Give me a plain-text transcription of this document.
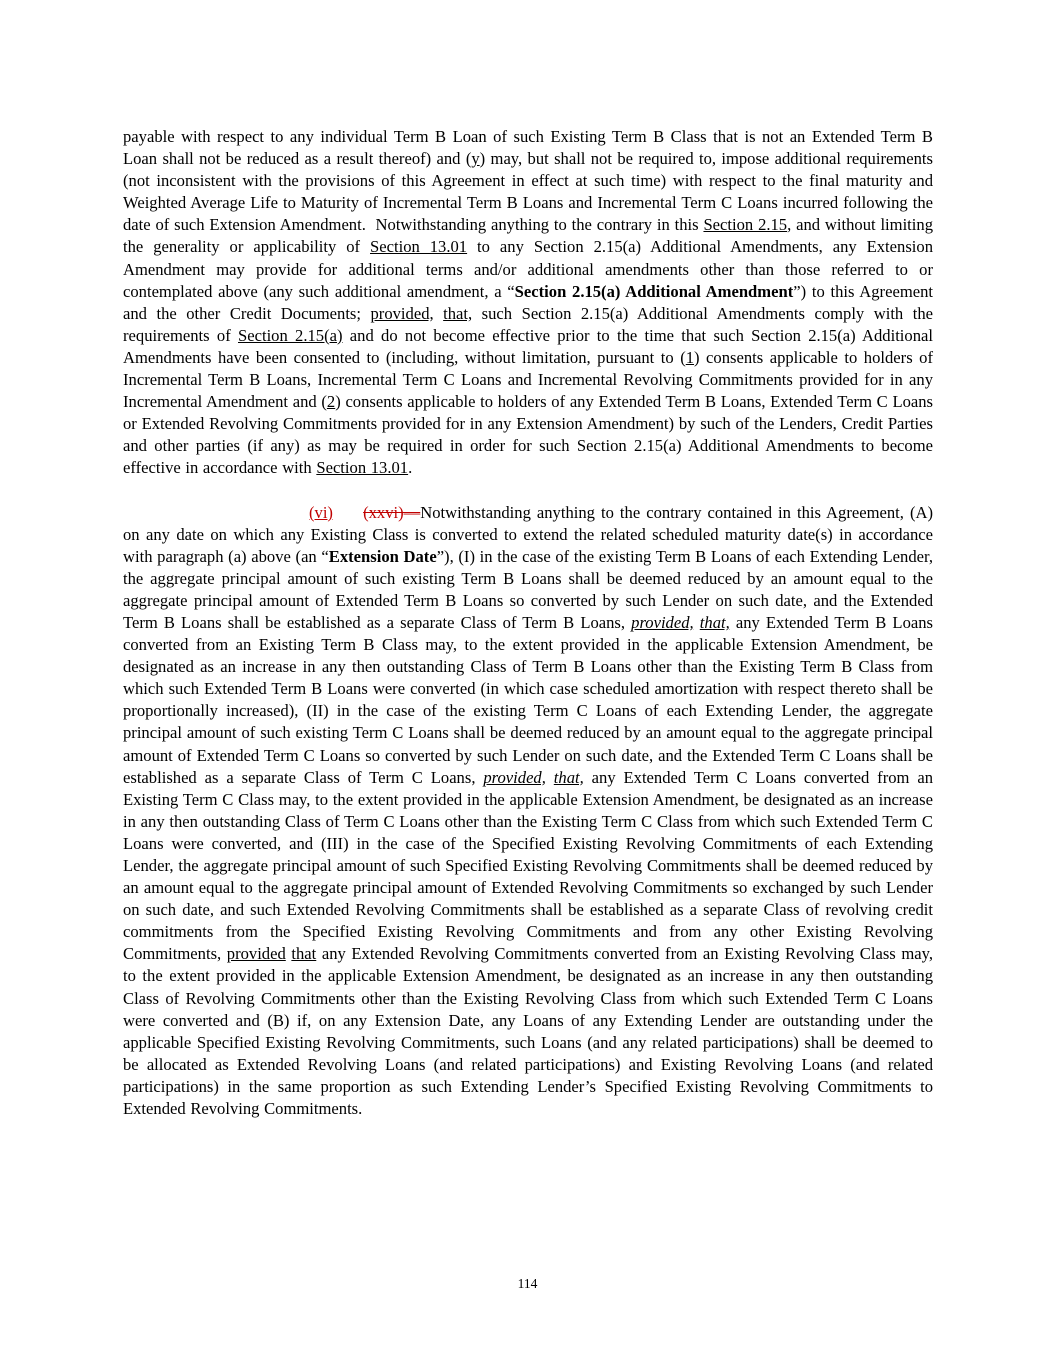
payable with respect to any individual Term B Loan of such Existing Term B Class that is not an Extended Term B Loan shall not be reduced as a result thereof) and (y) may, but shall not be required to, impose additional requirements (not inconsistent with the provisions of this Agreement in effect at such time) with respect to the final maturity and Weighted Average Life to Maturity of Incremental Term B Loans and Incremental Term C Loans incurred following the date of such Extension Amendment.  Notwithstanding anything to the contrary in this Section 2.15, and without limiting the generality or applicability of Section 13.01 to any Section 2.15(a) Additional Amendments, any Extension Amendment may provide for additional terms and/or additional amendments other than those referred to or contemplated above (any such additional amendment, a “Section 2.15(a) Additional Amendment”) to this Agreement and the other Credit Documents; provided, that, such Section 2.15(a) Additional Amendments comply with the requirements of Section 2.15(a) and do not become effective prior to the time that such Section 2.15(a) Additional Amendments have been consented to (including, without limitation, pursuant to (1) consents applicable to holders of Incremental Term B Loans, Incremental Term C Loans and Incremental Revolving Commitments provided for in any Incremental Amendment and (2) consents applicable to holders of any Extended Term B Loans, Extended Term C Loans or Extended Revolving Commitments provided for in any Extension Amendment) by such of the Lenders, Credit Parties and other parties (if any) as may be required in order for such Section 2.15(a) Additional Amendments to become effective in accordance with Section 13.01.

(vi) (xxvi)—Notwithstanding anything to the contrary contained in this Agreement, (A) on any date on which any Existing Class is converted to extend the related scheduled maturity date(s) in accordance with paragraph (a) above (an “Extension Date”), (I) in the case of the existing Term B Loans of each Extending Lender, the aggregate principal amount of such existing Term B Loans shall be deemed reduced by an amount equal to the aggregate principal amount of Extended Term B Loans so converted by such Lender on such date, and the Extended Term B Loans shall be established as a separate Class of Term B Loans, provided, that, any Extended Term B Loans converted from an Existing Term B Class may, to the extent provided in the applicable Extension Amendment, be designated as an increase in any then outstanding Class of Term B Loans other than the Existing Term B Class from which such Extended Term B Loans were converted (in which case scheduled amortization with respect thereto shall be proportionally increased), (II) in the case of the existing Term C Loans of each Extending Lender, the aggregate principal amount of such existing Term C Loans shall be deemed reduced by an amount equal to the aggregate principal amount of Extended Term C Loans so converted by such Lender on such date, and the Extended Term C Loans shall be established as a separate Class of Term C Loans, provided, that, any Extended Term C Loans converted from an Existing Term C Class may, to the extent provided in the applicable Extension Amendment, be designated as an increase in any then outstanding Class of Term C Loans other than the Existing Term C Class from which such Extended Term C Loans were converted, and (III) in the case of the Specified Existing Revolving Commitments of each Extending Lender, the aggregate principal amount of such Specified Existing Revolving Commitments shall be deemed reduced by an amount equal to the aggregate principal amount of Extended Revolving Commitments so exchanged by such Lender on such date, and such Extended Revolving Commitments shall be established as a separate Class of revolving credit commitments from the Specified Existing Revolving Commitments and from any other Existing Revolving Commitments, provided that any Extended Revolving Commitments converted from an Existing Revolving Class may, to the extent provided in the applicable Extension Amendment, be designated as an increase in any then outstanding Class of Revolving Commitments other than the Existing Revolving Class from which such Extended Term C Loans were converted and (B) if, on any Extension Date, any Loans of any Extending Lender are outstanding under the applicable Specified Existing Revolving Commitments, such Loans (and any related participations) shall be deemed to be allocated as Extended Revolving Loans (and related participations) and Existing Revolving Loans (and related participations) in the same proportion as such Extending Lender’s Specified Existing Revolving Commitments to Extended Revolving Commitments.

114
